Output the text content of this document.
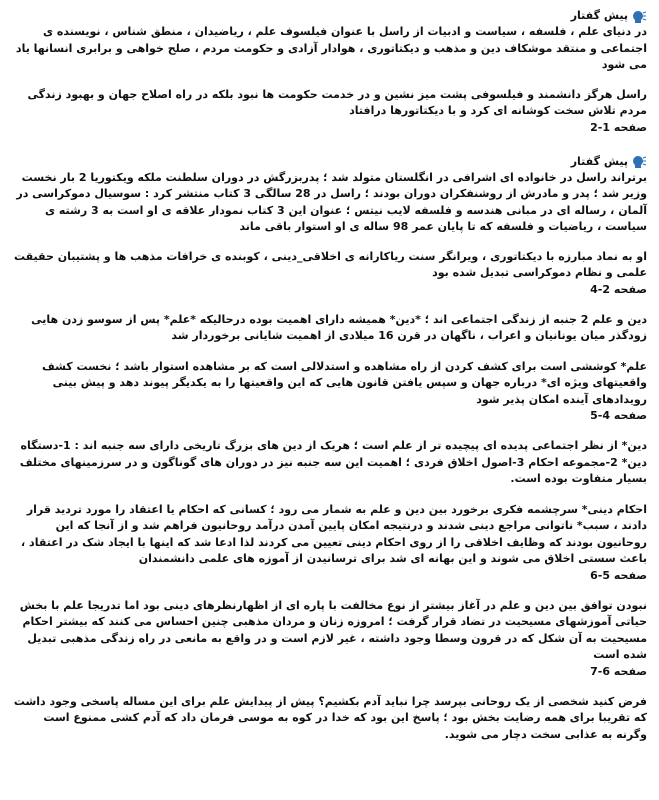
پیش گفتار

در دنیای علم ، فلسفه ، سیاست و ادبیات از راسل با عنوان فیلسوف علم ، ریاضیدان ، منطق شناس ، نویسنده ی اجتماعی و منتقد موشکاف دین و مذهب و دیکتاتوری ، هوادار آزادی و حکومت مردم ، صلح خواهی و برابری انسانها یاد می شود

راسل هرگز دانشمند و فیلسوفی پشت میز نشین و در خدمت حکومت ها نبود بلکه در راه اصلاح جهان و بهبود زندگی مردم تلاش سخت کوشانه ای کرد و با دیکتاتورها درافتاد

صفحه 1-2

پیش گفتار

برتراند راسل در خانواده ای اشرافی در انگلستان متولد شد ؛ پدربزرگش در دوران سلطنت ملکه ویکتوریا 2 بار نخست وزیر شد ؛ پدر و مادرش از روشنفکران دوران بودند ؛ راسل در 28 سالگی 3 کتاب منتشر کرد : سوسیال دموکراسی در آلمان ، رساله ای در مبانی هندسه و فلسفه لایب نیتس ؛ عنوان این 3 کتاب نمودار علاقه ی او است به 3 رشته ی سیاست ، ریاضیات و فلسفه که تا پایان عمر 98 ساله ی او استوار باقی ماند

او به نماد مبارزه با دیکتاتوری ، ویرانگر سنت ریاکارانه ی اخلاقی_دینی ، کوبنده ی خرافات مذهب ها و پشتیبان حقیقت علمی و نظام دموکراسی تبدیل شده بود

صفحه 2-4

دین و علم 2 جنبه از زندگی اجتماعی اند ؛ *دین* همیشه دارای اهمیت بوده درحالیکه *علم* پس از سوسو زدن هایی زودگذر میان یونانیان و اعراب ، ناگهان در قرن 16 میلادی از اهمیت شایانی برخوردار شد

علم* کوششی است برای کشف کردن از راه مشاهده و استدلالی است که بر مشاهده استوار باشد ؛ نخست کشف واقعیتهای ویژه ای* درباره جهان و سپس یافتن قانون هایی که این واقعیتها را به یکدیگر پیوند دهد و پیش بینی رویدادهای آینده امکان پذیر شود

صفحه 4-5

دین* از نظر اجتماعی پدیده ای پیچیده تر از علم است ؛ هریک از دین های بزرگ تاریخی دارای سه جنبه اند : 1-دستگاه دین* 2-مجموعه احکام 3-اصول اخلاق فردی ؛ اهمیت این سه جنبه نیز در دوران های گوناگون و در سرزمینهای مختلف بسیار متفاوت بوده است.

احکام دینی* سرچشمه فکری برخورد بین دین و علم به شمار می رود ؛ کسانی که احکام یا اعتقاد را مورد تردید قرار دادند ، سبب* ناتوانی مراجع دینی شدند و درنتیجه امکان پایین آمدن درآمد روحانیون فراهم شد و از آنجا که این روحانیون بودند که وظایف اخلاقی را از روی احکام دینی تعیین می کردند لذا ادعا شد که اینها با ایجاد شک در اعتقاد ، باعث سستی اخلاق می شوند و این بهانه ای شد برای ترسانیدن از آموزه های علمی دانشمندان

صفحه 5-6

نبودن توافق بین دین و علم در آغاز بیشتر از نوع مخالفت با پاره ای از اظهارنظرهای دینی بود اما تدریجا علم با بخش حیاتی آموزشهای مسیحیت در تضاد قرار گرفت ؛ امروزه زنان و مردان مذهبی چنین احساس می کنند که بیشتر احکام مسیحیت به آن شکل که در قرون وسطا وجود داشته ، غیر لازم است و در واقع به مانعی در راه زندگی مذهبی تبدیل شده است

صفحه 6-7

فرض کنید شخصی از یک روحانی بپرسد چرا نباید آدم بکشیم؟ پیش از پیدایش علم برای این مساله پاسخی وجود داشت که تقریبا برای همه رضایت بخش بود ؛ پاسخ این بود که خدا در کوه به موسی فرمان داد که آدم کشی ممنوع است وگرنه به عذابی سخت دچار می شوید.
